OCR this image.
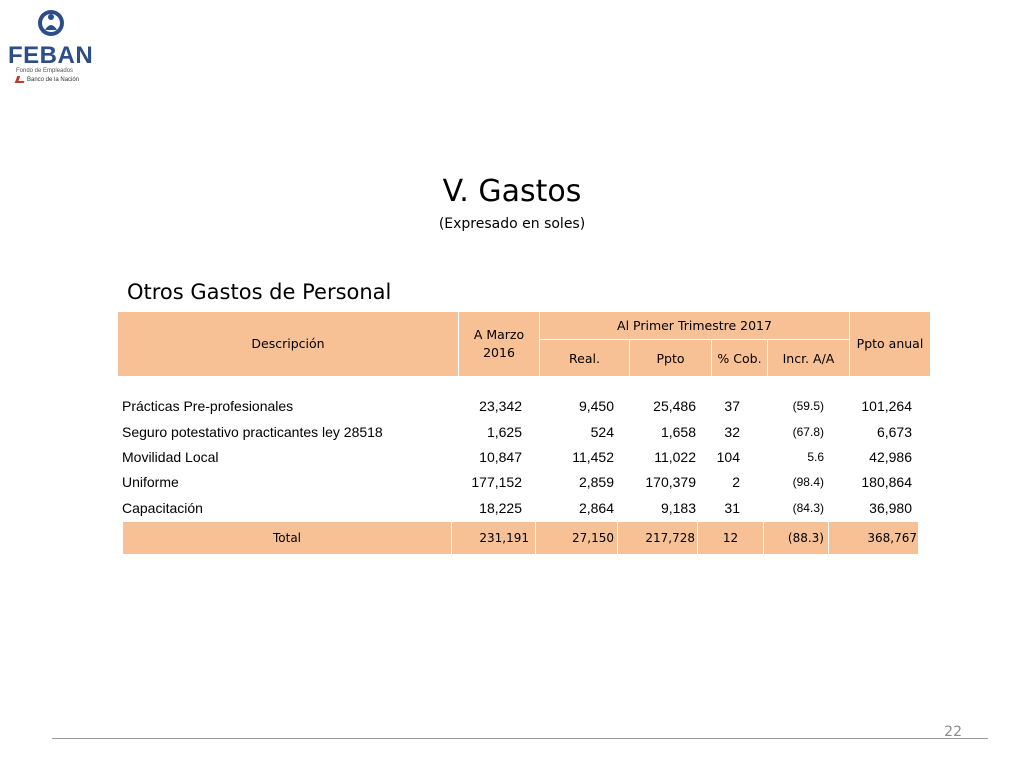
FEBAN
Fondo de Empleados
Banco de la Nación
V. Gastos
(Expresado en soles)
Otros Gastos de Personal
Descripción
A Marzo 2016
Al Primer Trimestre 2017
Real.	Ppto	% Cob.	Incr. A/A
Ppto anual
Prácticas Pre-profesionales	23,342	9,450	25,486	37	(59.5)	101,264
Seguro potestativo practicantes ley 28518	1,625	524	1,658	32	(67.8)	6,673
Movilidad Local	10,847	11,452	11,022	104	5.6	42,986
Uniforme	177,152	2,859	170,379	2	(98.4)	180,864
Capacitación	18,225	2,864	9,183	31	(84.3)	36,980
Total	231,191	27,150	217,728	12	(88.3)	368,767
22
